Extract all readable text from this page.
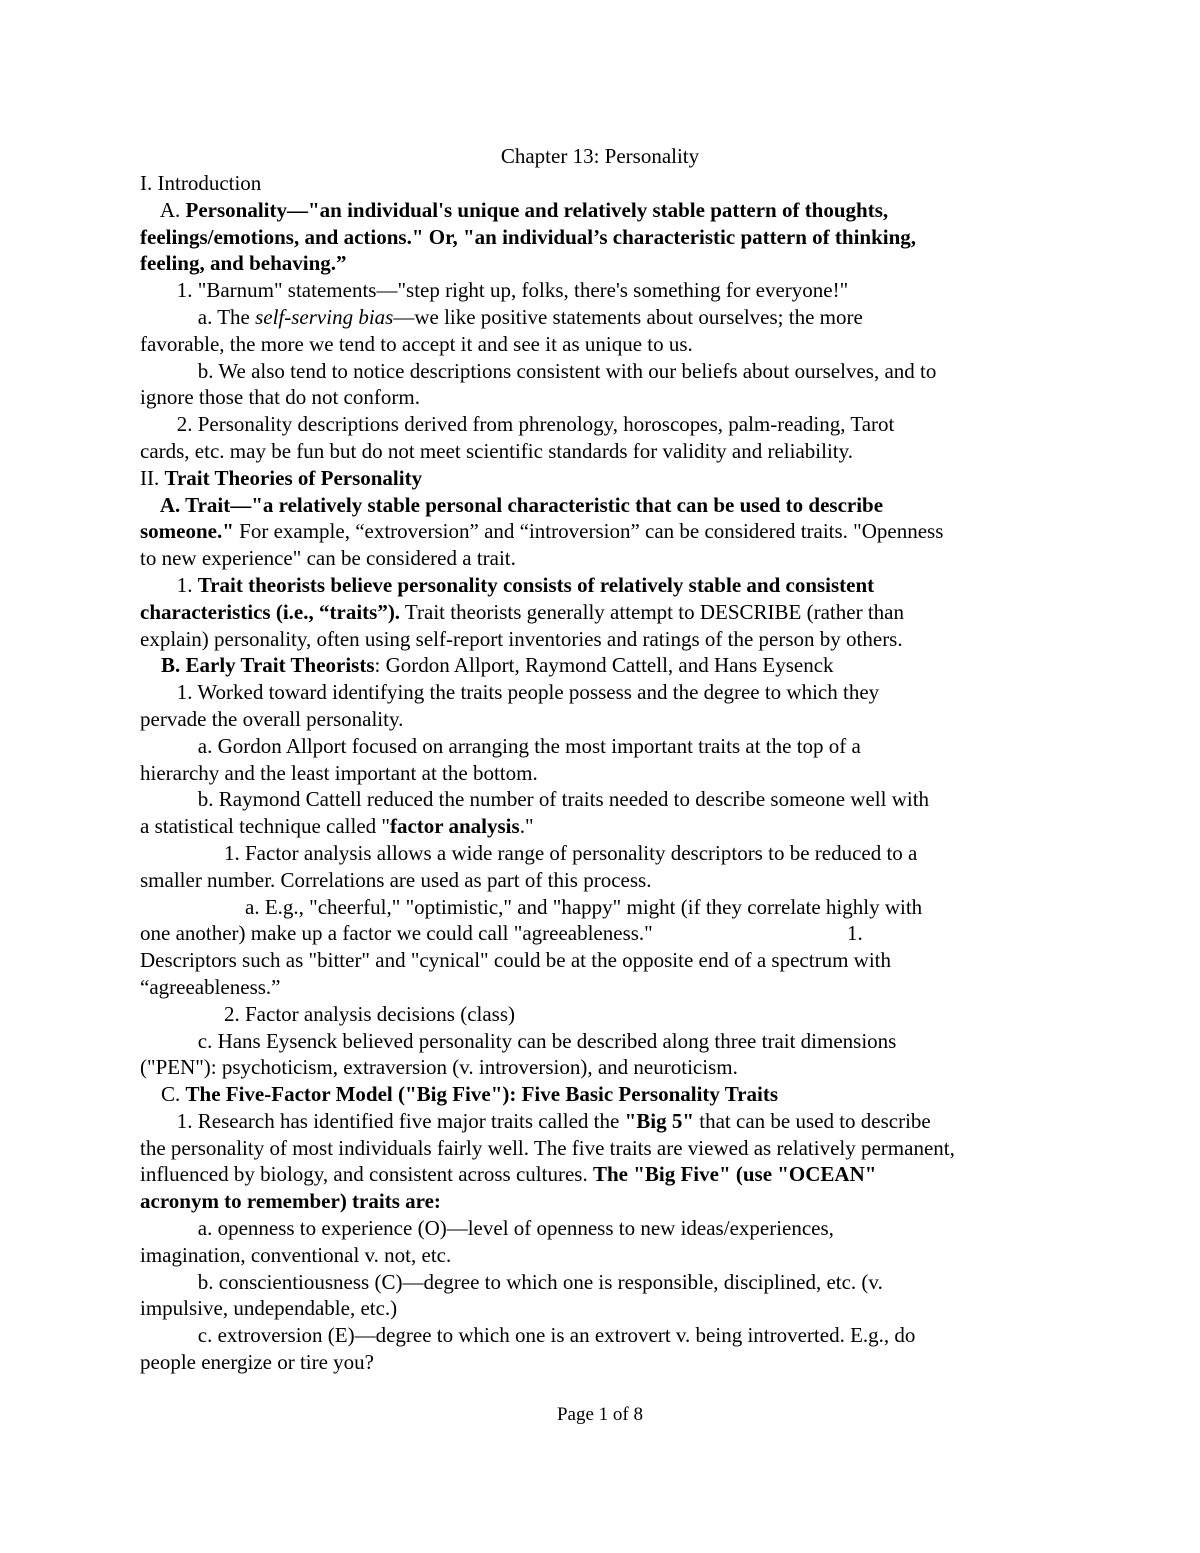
Chapter 13: Personality
I. Introduction
A. Personality—"an individual's unique and relatively stable pattern of thoughts,
feelings/emotions, and actions." Or, "an individual’s characteristic pattern of thinking,
feeling, and behaving.”
1. "Barnum" statements—"step right up, folks, there's something for everyone!"
a. The self-serving bias—we like positive statements about ourselves; the more
favorable, the more we tend to accept it and see it as unique to us.
b. We also tend to notice descriptions consistent with our beliefs about ourselves, and to
ignore those that do not conform.
2. Personality descriptions derived from phrenology, horoscopes, palm-reading, Tarot
cards, etc. may be fun but do not meet scientific standards for validity and reliability.
II. Trait Theories of Personality
A. Trait—"a relatively stable personal characteristic that can be used to describe
someone." For example, “extroversion” and “introversion” can be considered traits. "Openness
to new experience" can be considered a trait.
1. Trait theorists believe personality consists of relatively stable and consistent
characteristics (i.e., “traits”). Trait theorists generally attempt to DESCRIBE (rather than
explain) personality, often using self-report inventories and ratings of the person by others.
B. Early Trait Theorists: Gordon Allport, Raymond Cattell, and Hans Eysenck
1. Worked toward identifying the traits people possess and the degree to which they
pervade the overall personality.
a. Gordon Allport focused on arranging the most important traits at the top of a
hierarchy and the least important at the bottom.
b. Raymond Cattell reduced the number of traits needed to describe someone well with
a statistical technique called "factor analysis."
1. Factor analysis allows a wide range of personality descriptors to be reduced to a
smaller number. Correlations are used as part of this process.
a. E.g., "cheerful," "optimistic," and "happy" might (if they correlate highly with
one another) make up a factor we could call "agreeableness."                                     1.
Descriptors such as "bitter" and "cynical" could be at the opposite end of a spectrum with
“agreeableness.”
2. Factor analysis decisions (class)
c. Hans Eysenck believed personality can be described along three trait dimensions
("PEN"): psychoticism, extraversion (v. introversion), and neuroticism.
C. The Five-Factor Model ("Big Five"): Five Basic Personality Traits
1. Research has identified five major traits called the "Big 5" that can be used to describe
the personality of most individuals fairly well. The five traits are viewed as relatively permanent,
influenced by biology, and consistent across cultures. The "Big Five" (use "OCEAN"
acronym to remember) traits are:
a. openness to experience (O)—level of openness to new ideas/experiences,
imagination, conventional v. not, etc.
b. conscientiousness (C)—degree to which one is responsible, disciplined, etc. (v.
impulsive, undependable, etc.)
c. extroversion (E)—degree to which one is an extrovert v. being introverted. E.g., do
people energize or tire you?
Page 1 of 8
